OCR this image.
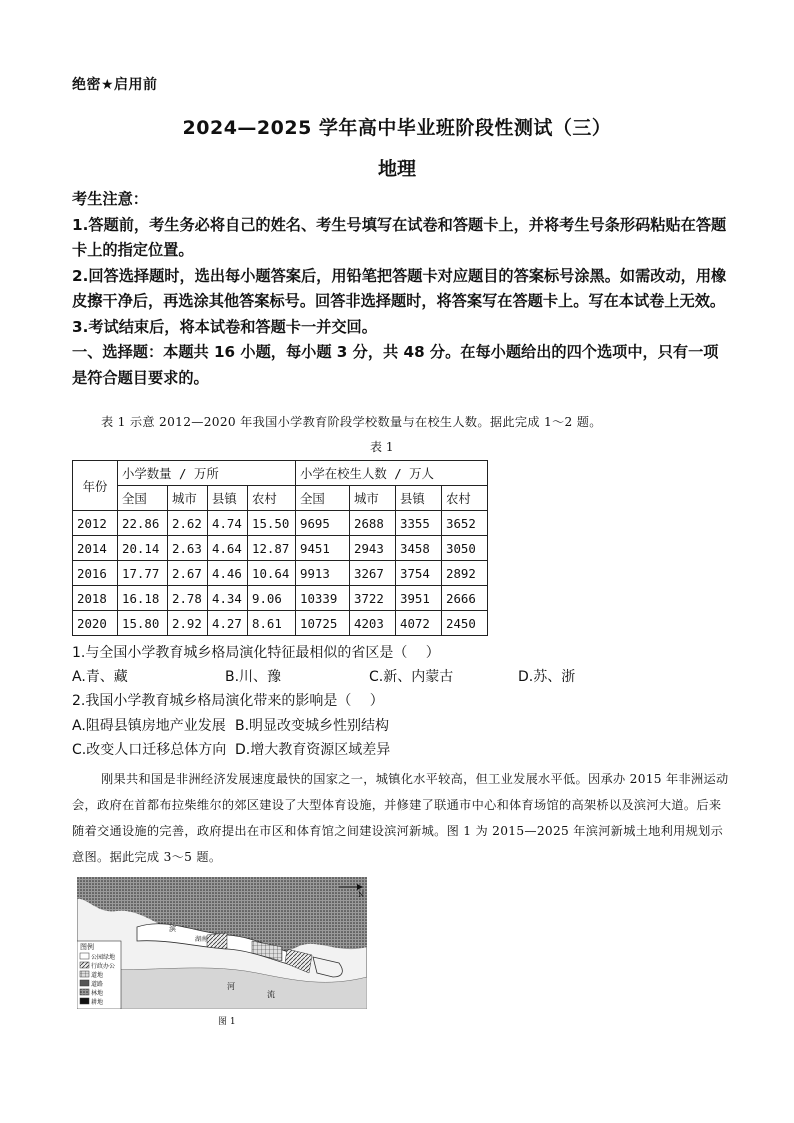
绝密★启用前
2024—2025 学年高中毕业班阶段性测试（三）
地理

考生注意：

1.答题前，考生务必将自己的姓名、考生号填写在试卷和答题卡上，并将考生号条形码粘贴在答题卡上的指定位置。

2.回答选择题时，选出每小题答案后，用铅笔把答题卡对应题目的答案标号涂黑。如需改动，用橡皮擦干净后，再选涂其他答案标号。回答非选择题时，将答案写在答题卡上。写在本试卷上无效。

3.考试结束后，将本试卷和答题卡一并交回。

一、选择题：本题共 16 小题，每小题 3 分，共 48 分。在每小题给出的四个选项中，只有一项是符合题目要求的。

表 1 示意 2012—2020 年我国小学教育阶段学校数量与在校生人数。据此完成 1～2 题。
表 1
年份	小学数量 / 万所				小学在校生人数 / 万人			
	全国	城市	县镇	农村	全国	城市	县镇	农村
2012	22.86	2.62	4.74	15.50	9695	2688	3355	3652
2014	20.14	2.63	4.64	12.87	9451	2943	3458	3050
2016	17.77	2.67	4.46	10.64	9913	3267	3754	2892
2018	16.18	2.78	4.34	9.06	10339	3722	3951	2666
2020	15.80	2.92	4.27	8.61	10725	4203	4072	2450

1.与全国小学教育城乡格局演化特征最相似的省区是（　 ）

A.青、藏	B.川、豫	C.新、内蒙古	D.苏、浙

2.我国小学教育城乡格局演化带来的影响是（　 ）

A.阻碍县镇房地产业发展 B.明显改变城乡性别结构

C.改变人口迁移总体方向 D.增大教育资源区域差异

刚果共和国是非洲经济发展速度最快的国家之一，城镇化水平较高，但工业发展水平低。因承办 2015 年非洲运动会，政府在首都布拉柴维尔的郊区建设了大型体育设施，并修建了联通市中心和体育场馆的高架桥以及滨河大道。后来随着交通设施的完善，政府提出在市区和体育馆之间建设滨河新城。图 1 为 2015—2025 年滨河新城土地利用规划示意图。据此完成 3～5 题。
图例
公园绿地
行政办公
道地
道路
林地
耕地
N
滨
湖南
河
流
图 1
